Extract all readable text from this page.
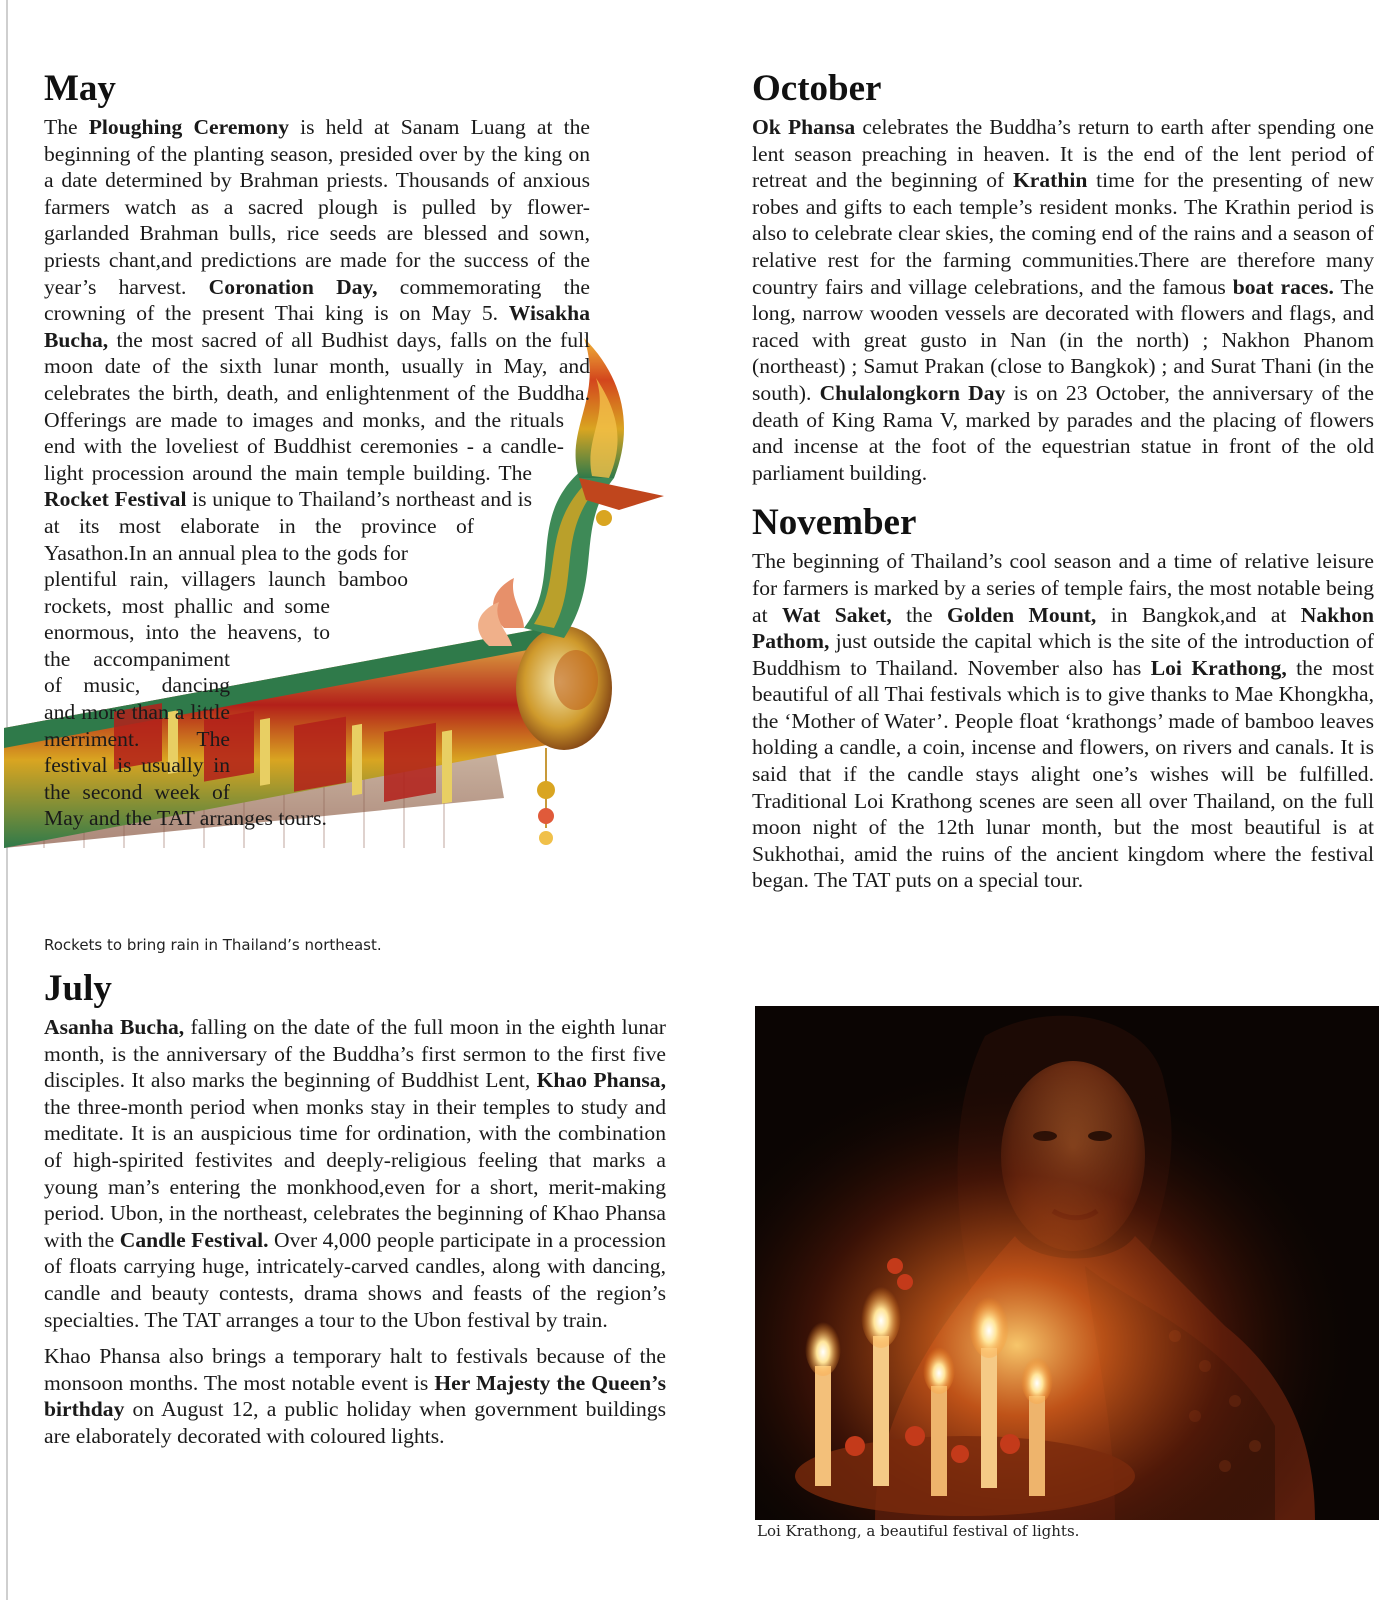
May

The Ploughing Ceremony is held at Sanam Luang at the beginning of the planting season, presided over by the king on a date determined by Brahman priests. Thousands of anxious farmers watch as a sacred plough is pulled by flower-garlanded Brahman bulls, rice seeds are blessed and sown, priests chant,and predictions are made for the success of the year’s harvest. Coronation Day, commemorating the crowning of the present Thai king is on May 5. Wisakha Bucha, the most sacred of all Budhist days, falls on the full moon date of the sixth lunar month, usually in May, and celebrates the birth, death, and enlightenment of the Buddha. Offerings are made to images and monks, and the rituals end with the loveliest of Buddhist ceremonies - a candle-light procession around the main temple building. The Rocket Festival is unique to Thailand’s northeast and is at its most elaborate in the province of Yasathon.In an annual plea to the gods for plentiful rain, villagers launch bamboo rockets, most phallic and some enormous, into the heavens, to the accompaniment of music, dancing and more than a little merriment. The festival is usually in the second week of May and the TAT arranges tours.

Rockets to bring rain in Thailand’s northeast.
July

Asanha Bucha, falling on the date of the full moon in the eighth lunar month, is the anniversary of the Buddha’s first sermon to the first five disciples. It also marks the beginning of Buddhist Lent, Khao Phansa, the three-month period when monks stay in their temples to study and meditate. It is an auspicious time for ordination, with the combination of high-spirited festivites and deeply-religious feeling that marks a young man’s entering the monkhood,even for a short, merit-making period. Ubon, in the northeast, celebrates the beginning of Khao Phansa with the Candle Festival. Over 4,000 people participate in a procession of floats carrying huge, intricately-carved candles, along with dancing, candle and beauty contests, drama shows and feasts of the region’s specialties. The TAT arranges a tour to the Ubon festival by train.

Khao Phansa also brings a temporary halt to festivals because of the monsoon months. The most notable event is Her Majesty the Queen’s birthday on August 12, a public holiday when government buildings are elaborately decorated with coloured lights.

October

Ok Phansa celebrates the Buddha’s return to earth after spending one lent season preaching in heaven. It is the end of the lent period of retreat and the beginning of Krathin time for the presenting of new robes and gifts to each temple’s resident monks. The Krathin period is also to celebrate clear skies, the coming end of the rains and a season of relative rest for the farming communities.There are therefore many country fairs and village celebrations, and the famous boat races. The long, narrow wooden vessels are decorated with flowers and flags, and raced with great gusto in Nan (in the north) ; Nakhon Phanom (northeast) ; Samut Prakan (close to Bangkok) ; and Surat Thani (in the south). Chulalongkorn Day is on 23 October, the anniversary of the death of King Rama V, marked by parades and the placing of flowers and incense at the foot of the equestrian statue in front of the old parliament building.

November

The beginning of Thailand’s cool season and a time of relative leisure for farmers is marked by a series of temple fairs, the most notable being at Wat Saket, the Golden Mount, in Bangkok,and at Nakhon Pathom, just outside the capital which is the site of the introduction of Buddhism to Thailand. November also has Loi Krathong, the most beautiful of all Thai festivals which is to give thanks to Mae Khongkha, the ‘Mother of Water’. People float ‘krathongs’ made of bamboo leaves holding a candle, a coin, incense and flowers, on rivers and canals. It is said that if the candle stays alight one’s wishes will be fulfilled. Traditional Loi Krathong scenes are seen all over Thailand, on the full moon night of the 12th lunar month, but the most beautiful is at Sukhothai, amid the ruins of the ancient kingdom where the festival began. The TAT puts on a special tour.

Loi Krathong, a beautiful festival of lights.
